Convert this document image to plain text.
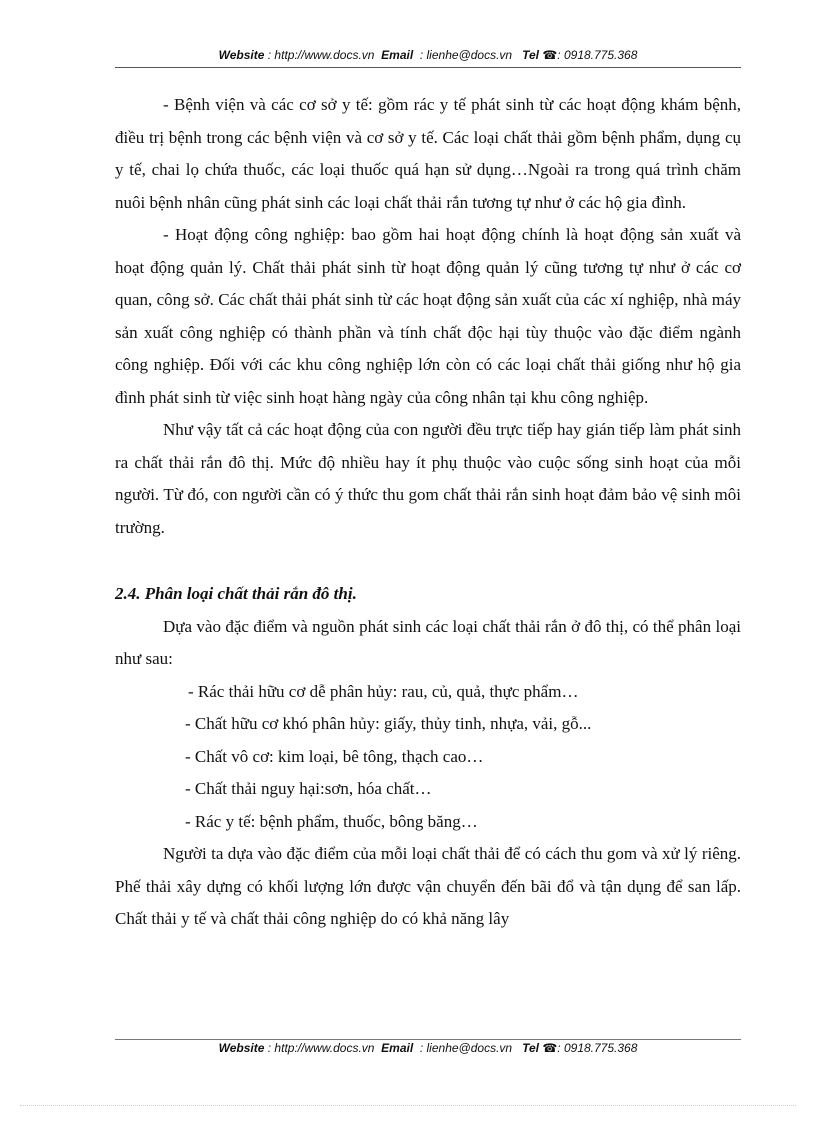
Website : http://www.docs.vn Email : lienhe@docs.vn Tel ☎: 0918.775.368

- Bệnh viện và các cơ sở y tế: gồm rác y tế phát sinh từ các hoạt động khám bệnh, điều trị bệnh trong các bệnh viện và cơ sở y tế. Các loại chất thải gồm bệnh phẩm, dụng cụ y tế, chai lọ chứa thuốc, các loại thuốc quá hạn sử dụng…Ngoài ra trong quá trình chăm nuôi bệnh nhân cũng phát sinh các loại chất thải rắn tương tự như ở các hộ gia đình.

- Hoạt động công nghiệp: bao gồm hai hoạt động chính là hoạt động sản xuất và hoạt động quản lý. Chất thải phát sinh từ hoạt động quản lý cũng tương tự như ở các cơ quan, công sở. Các chất thải phát sinh từ các hoạt động sản xuất của các xí nghiệp, nhà máy sản xuất công nghiệp có thành phần và tính chất độc hại tùy thuộc vào đặc điểm ngành công nghiệp. Đối với các khu công nghiệp lớn còn có các loại chất thải giống như hộ gia đình phát sinh từ việc sinh hoạt hàng ngày của công nhân tại khu công nghiệp.

Như vậy tất cả các hoạt động của con người đều trực tiếp hay gián tiếp làm phát sinh ra chất thải rắn đô thị. Mức độ nhiều hay ít phụ thuộc vào cuộc sống sinh hoạt của mỗi người. Từ đó, con người cần có ý thức thu gom chất thải rắn sinh hoạt đảm bảo vệ sinh môi trường.

2.4. Phân loại chất thải rắn đô thị.

Dựa vào đặc điểm và nguồn phát sinh các loại chất thải rắn ở đô thị, có thể phân loại như sau:

- Rác thải hữu cơ dễ phân hủy: rau, củ, quả, thực phẩm…
- Chất hữu cơ khó phân hủy: giấy, thủy tinh, nhựa, vải, gỗ...
- Chất vô cơ: kim loại, bê tông, thạch cao…
- Chất thải nguy hại:sơn, hóa chất…
- Rác y tế: bệnh phẩm, thuốc, bông băng…

Người ta dựa vào đặc điểm của mỗi loại chất thải để có cách thu gom và xử lý riêng. Phế thải xây dựng có khối lượng lớn được vận chuyển đến bãi đổ và tận dụng để san lấp. Chất thải y tế và chất thải công nghiệp do có khả năng lây

Website : http://www.docs.vn Email : lienhe@docs.vn Tel ☎: 0918.775.368
